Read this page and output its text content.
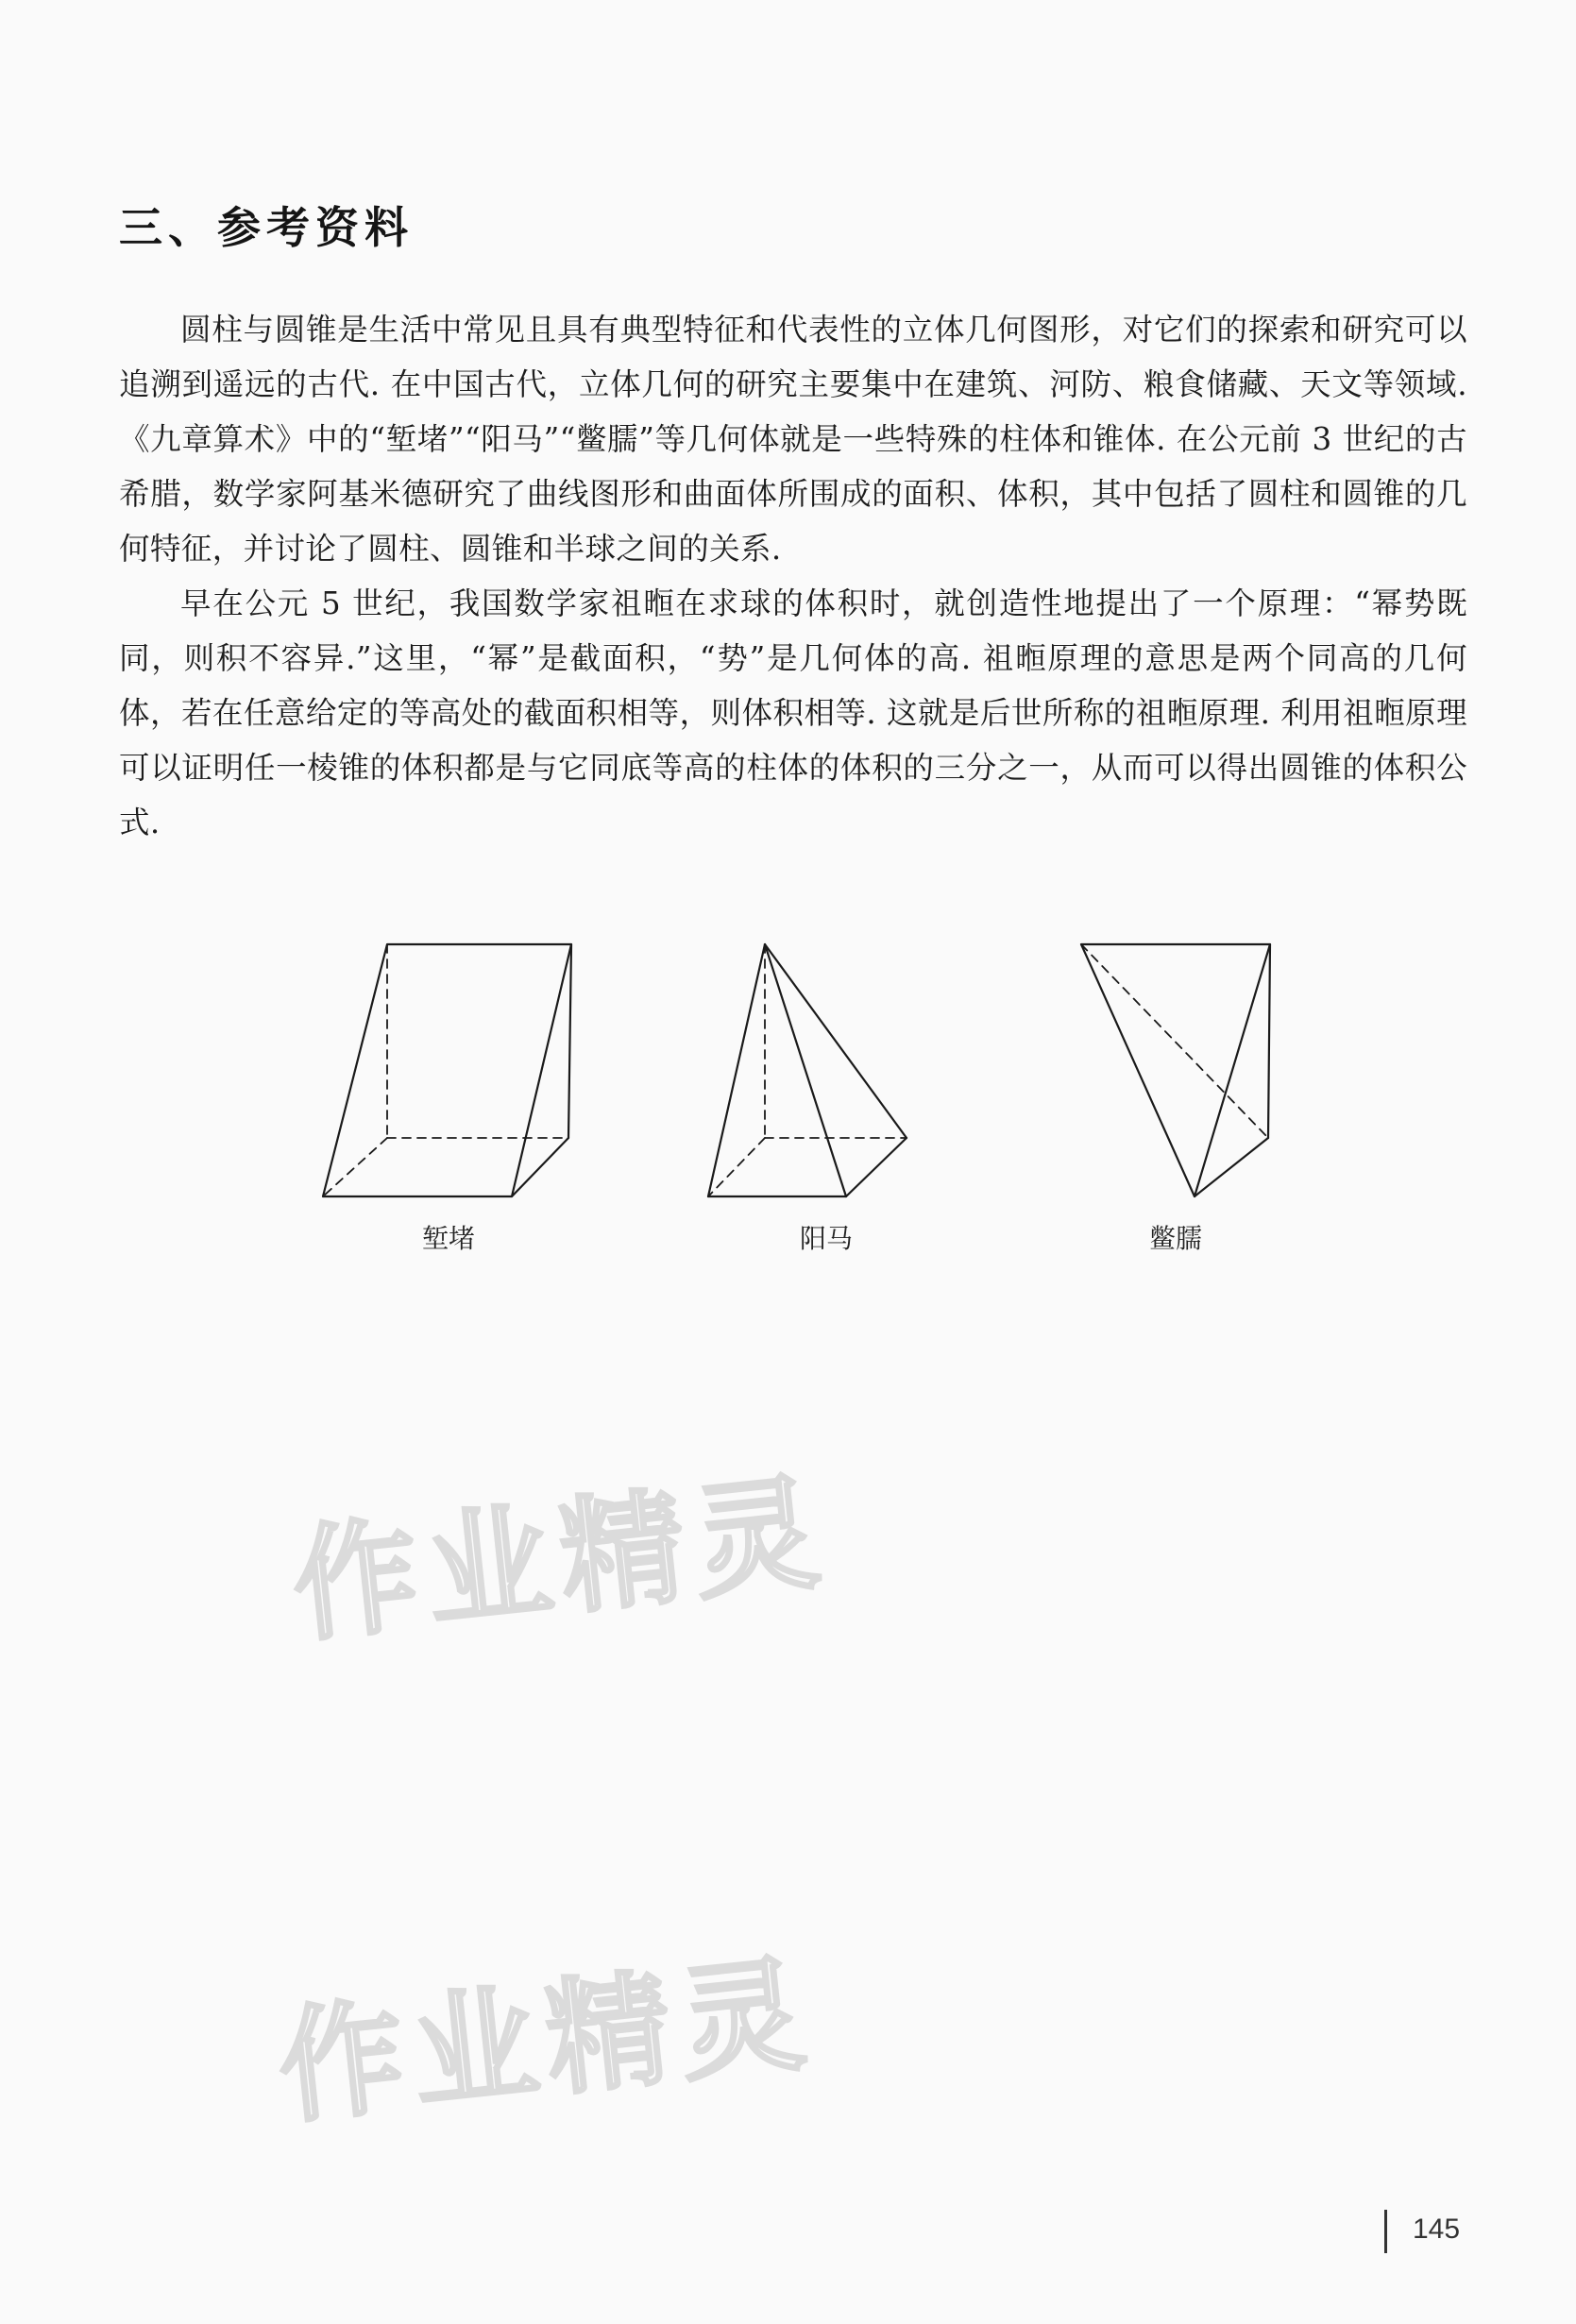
三、参考资料

圆柱与圆锥是生活中常见且具有典型特征和代表性的立体几何图形，对它们的探索和研究可以追溯到遥远的古代. 在中国古代，立体几何的研究主要集中在建筑、河防、粮食储藏、天文等领域.《九章算术》中的“堑堵”“阳马”“鳖臑”等几何体就是一些特殊的柱体和锥体. 在公元前 3 世纪的古希腊，数学家阿基米德研究了曲线图形和曲面体所围成的面积、体积，其中包括了圆柱和圆锥的几何特征，并讨论了圆柱、圆锥和半球之间的关系.

早在公元 5 世纪，我国数学家祖暅在求球的体积时，就创造性地提出了一个原理：“幂势既同，则积不容异.”这里，“幂”是截面积，“势”是几何体的高. 祖暅原理的意思是两个同高的几何体，若在任意给定的等高处的截面积相等，则体积相等. 这就是后世所称的祖暅原理. 利用祖暅原理可以证明任一棱锥的体积都是与它同底等高的柱体的体积的三分之一，从而可以得出圆锥的体积公式.

堑堵	阳马	鳖臑
作业精灵
作业精灵
145
